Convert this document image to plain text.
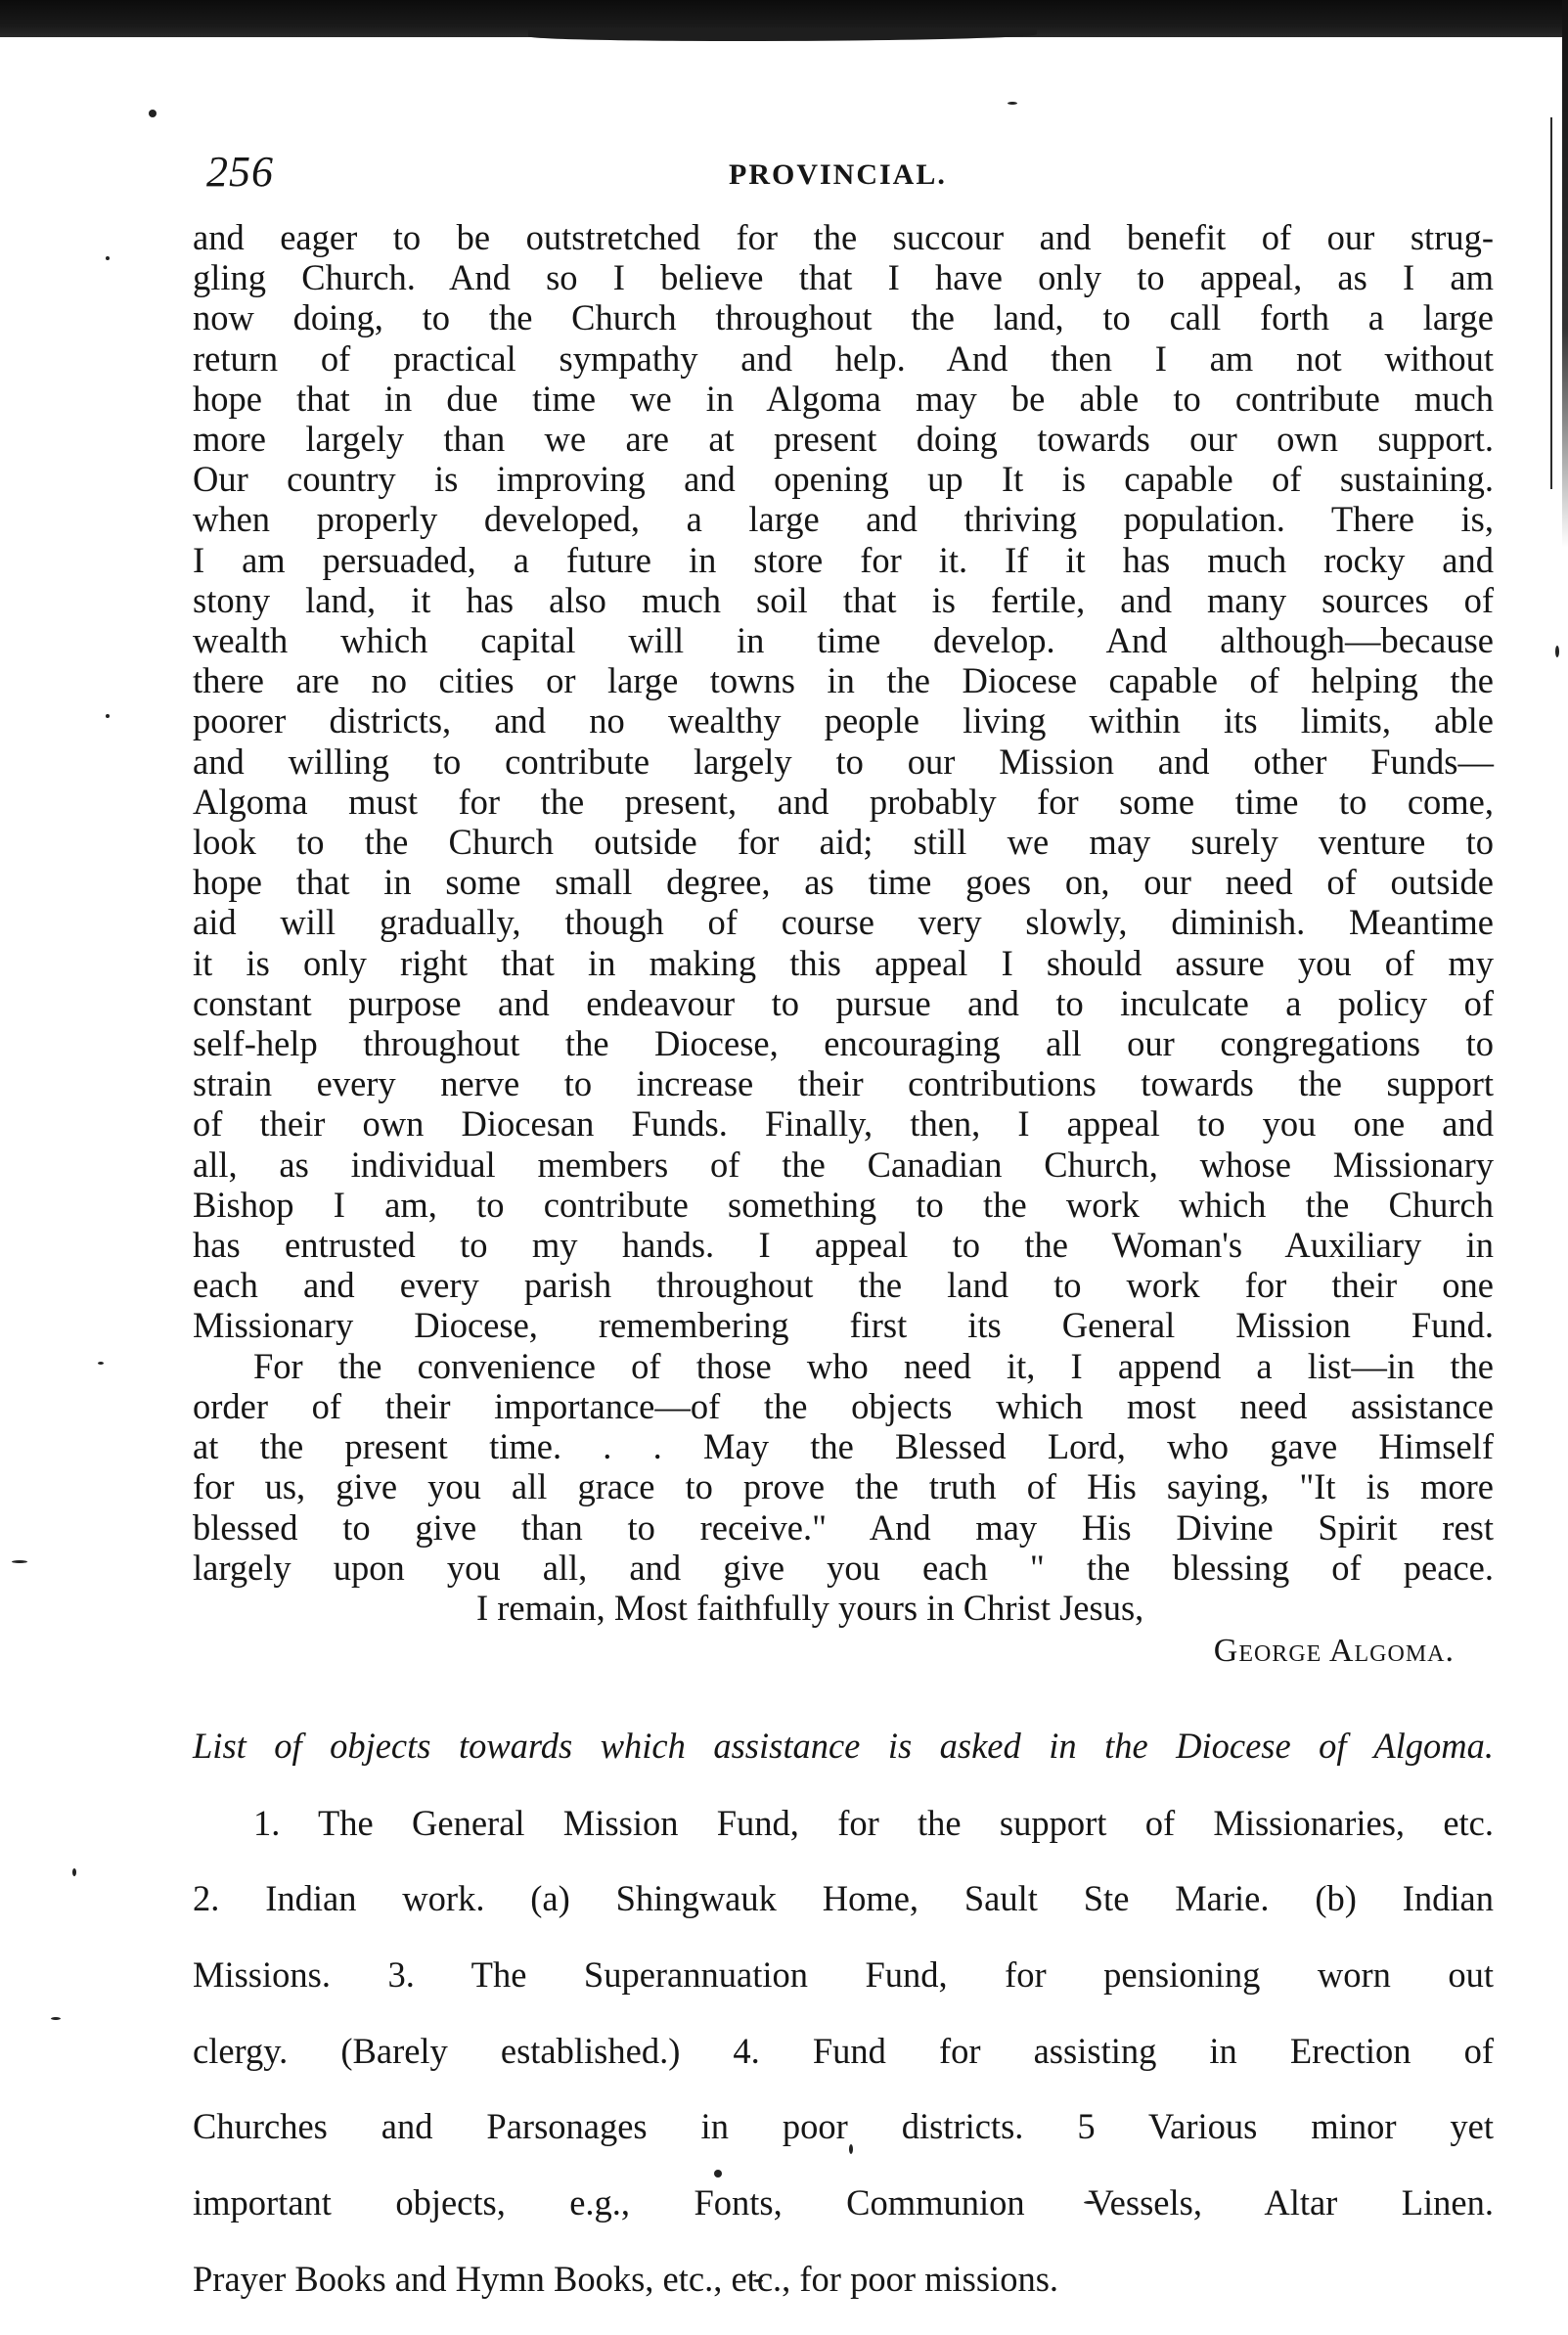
256	PROVINCIAL.

and eager to be outstretched for the succour and benefit of our strug-

gling Church. And so I believe that I have only to appeal, as I am

now doing, to the Church throughout the land, to call forth a large

return of practical sympathy and help. And then I am not without

hope that in due time we in Algoma may be able to contribute much

more largely than we are at present doing towards our own support.

Our country is improving and opening up It is capable of sustaining.

when properly developed, a large and thriving population. There is,

I am persuaded, a future in store for it. If it has much rocky and

stony land, it has also much soil that is fertile, and many sources of

wealth which capital will in time develop. And although—because

there are no cities or large towns in the Diocese capable of helping the

poorer districts, and no wealthy people living within its limits, able

and willing to contribute largely to our Mission and other Funds—

Algoma must for the present, and probably for some time to come,

look to the Church outside for aid; still we may surely venture to

hope that in some small degree, as time goes on, our need of outside

aid will gradually, though of course very slowly, diminish. Meantime

it is only right that in making this appeal I should assure you of my

constant purpose and endeavour to pursue and to inculcate a policy of

self-help throughout the Diocese, encouraging all our congregations to

strain every nerve to increase their contributions towards the support

of their own Diocesan Funds. Finally, then, I appeal to you one and

all, as individual members of the Canadian Church, whose Missionary

Bishop I am, to contribute something to the work which the Church

has entrusted to my hands. I appeal to the Woman's Auxiliary in

each and every parish throughout the land to work for their one

Missionary Diocese, remembering first its General Mission Fund.

For the convenience of those who need it, I append a list—in the

order of their importance—of the objects which most need assistance

at the present time. . . May the Blessed Lord, who gave Himself

for us, give you all grace to prove the truth of His saying, "It is more

blessed to give than to receive." And may His Divine Spirit rest

largely upon you all, and give you each " the blessing of peace.

I remain, Most faithfully yours in Christ Jesus,

George Algoma.

List of objects towards which assistance is asked in the Diocese of Algoma.

1. The General Mission Fund, for the support of Missionaries, etc.

2. Indian work. (a) Shingwauk Home, Sault Ste Marie. (b) Indian

Missions. 3. The Superannuation Fund, for pensioning worn out

clergy. (Barely established.) 4. Fund for assisting in Erection of

Churches and Parsonages in poor districts. 5 Various minor yet

important objects, e.g., Fonts, Communion Vessels, Altar Linen.

Prayer Books and Hymn Books, etc., etc., for poor missions.
